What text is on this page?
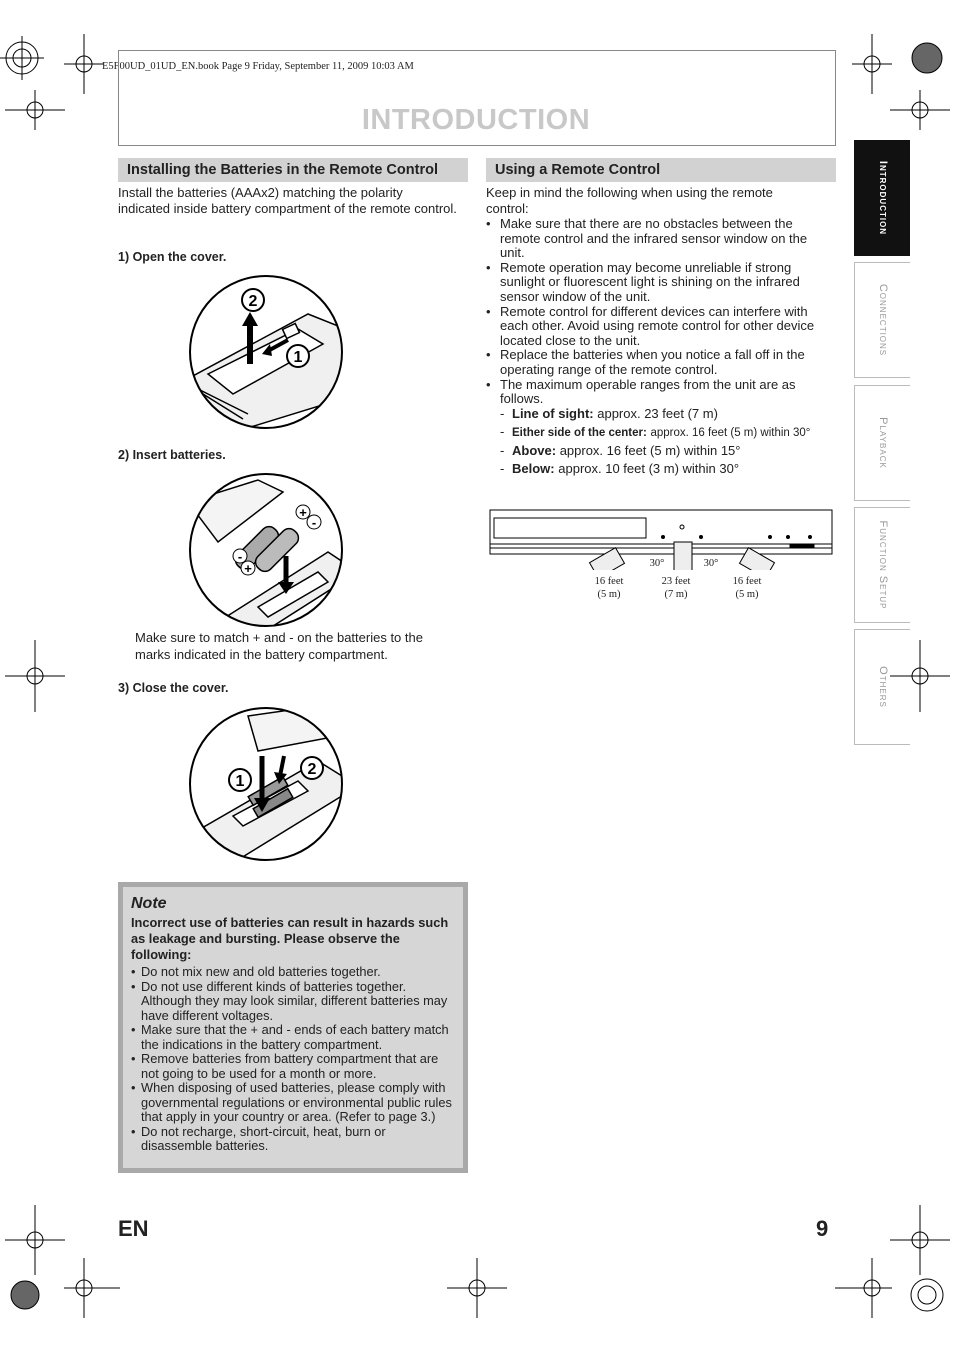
E5F00UD_01UD_EN.book Page 9 Friday, September 11, 2009 10:03 AM
INTRODUCTION
Installing the Batteries in the Remote Control
Install the batteries (AAAx2) matching the polarity indicated inside battery compartment of the remote control.
1) Open the cover.
2
1
2) Insert batteries.
+
-
-
+
Make sure to match + and - on the batteries to the marks indicated in the battery compartment.
3) Close the cover.
1
2
Note
Incorrect use of batteries can result in hazards such as leakage and bursting. Please observe the following:
• Do not mix new and old batteries together.
• Do not use different kinds of batteries together. Although they may look similar, different batteries may have different voltages.
• Make sure that the + and - ends of each battery match the indications in the battery compartment.
• Remove batteries from battery compartment that are not going to be used for a month or more.
• When disposing of used batteries, please comply with governmental regulations or environmental public rules that apply in your country or area. (Refer to page 3.)
• Do not recharge, short-circuit, heat, burn or disassemble batteries.
Using a Remote Control
Keep in mind the following when using the remote control:
• Make sure that there are no obstacles between the remote control and the infrared sensor window on the unit.
• Remote operation may become unreliable if strong sunlight or fluorescent light is shining on the infrared sensor window of the unit.
• Remote control for different devices can interfere with each other. Avoid using remote control for other device located close to the unit.
• Replace the batteries when you notice a fall off in the operating range of the remote control.
• The maximum operable ranges from the unit are as follows.
- Line of sight: approx. 23 feet (7 m)
- Either side of the center: approx. 16 feet (5 m) within 30°
- Above: approx. 16 feet (5 m) within 15°
- Below: approx. 10 feet (3 m) within 30°
30°	30°
16 feet
(5 m)
23 feet
(7 m)
16 feet
(5 m)
Introduction
Connections
Playback
Function Setup
Others
EN	9
